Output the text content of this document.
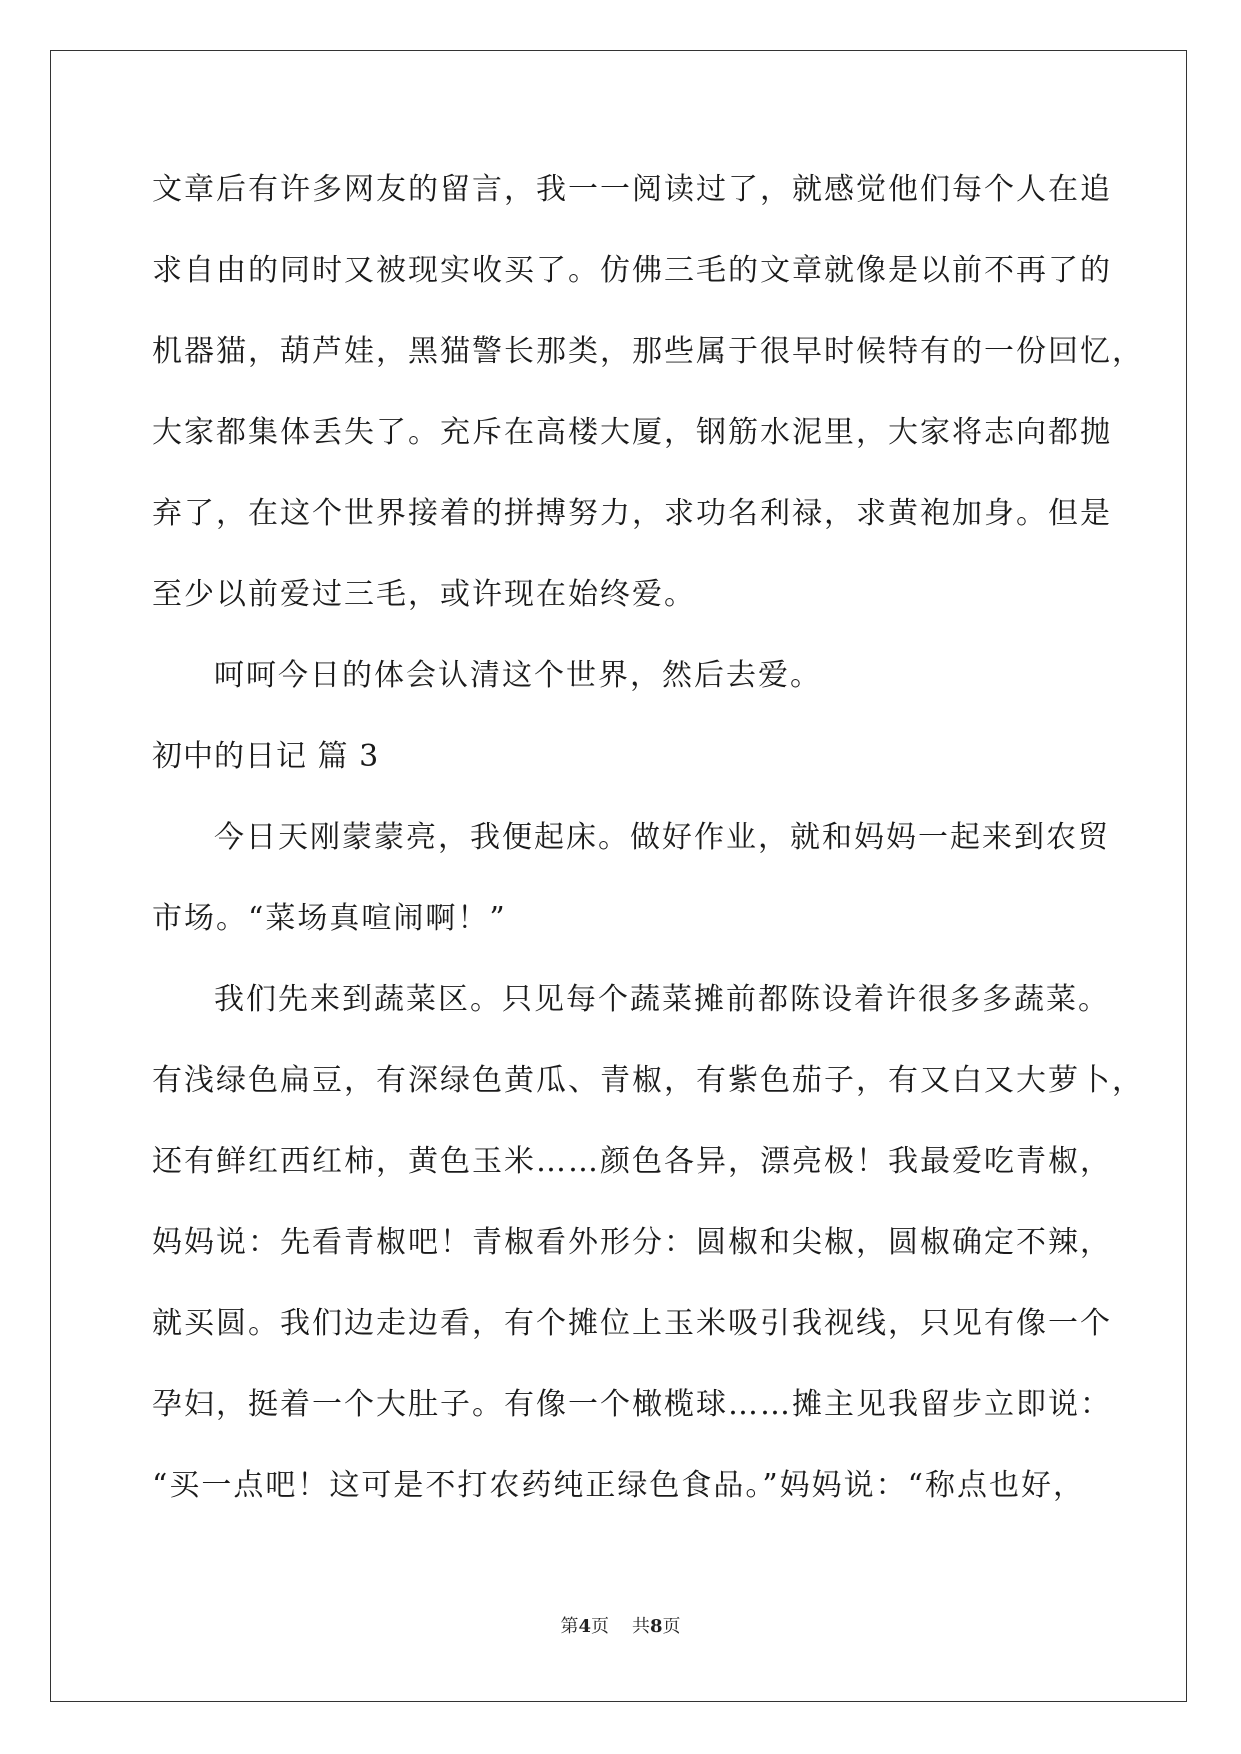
文章后有许多网友的留言，我一一阅读过了，就感觉他们每个人在追
求自由的同时又被现实收买了。仿佛三毛的文章就像是以前不再了的
机器猫，葫芦娃，黑猫警长那类，那些属于很早时候特有的一份回忆，
大家都集体丢失了。充斥在高楼大厦，钢筋水泥里，大家将志向都抛
弃了，在这个世界接着的拼搏努力，求功名利禄，求黄袍加身。但是
至少以前爱过三毛，或许现在始终爱。
呵呵今日的体会认清这个世界，然后去爱。
初中的日记 篇 3
今日天刚蒙蒙亮，我便起床。做好作业，就和妈妈一起来到农贸
市场。“菜场真喧闹啊！”
我们先来到蔬菜区。只见每个蔬菜摊前都陈设着许很多多蔬菜。
有浅绿色扁豆，有深绿色黄瓜、青椒，有紫色茄子，有又白又大萝卜，
还有鲜红西红柿，黄色玉米……颜色各异，漂亮极！我最爱吃青椒，
妈妈说：先看青椒吧！青椒看外形分：圆椒和尖椒，圆椒确定不辣，
就买圆。我们边走边看，有个摊位上玉米吸引我视线，只见有像一个
孕妇，挺着一个大肚子。有像一个橄榄球……摊主见我留步立即说：
“买一点吧！这可是不打农药纯正绿色食品。”妈妈说：“称点也好，
第4页 共8页
